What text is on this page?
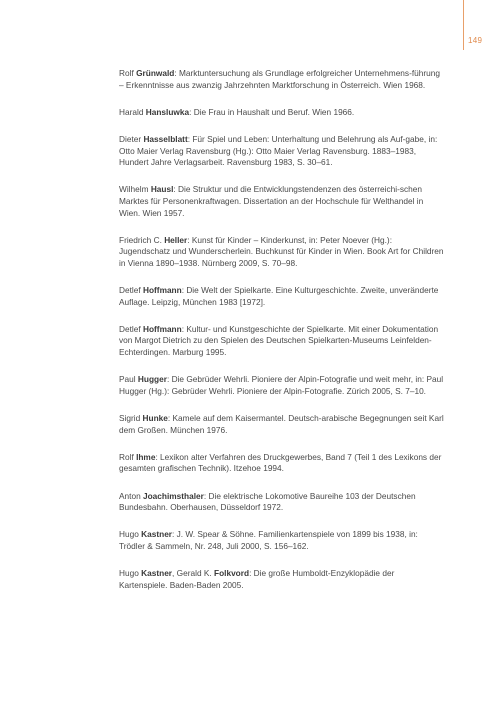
149

Rolf Grünwald: Marktuntersuchung als Grundlage erfolgreicher Unternehmens-führung – Erkenntnisse aus zwanzig Jahrzehnten Marktforschung in Österreich. Wien 1968.

Harald Hansluwka: Die Frau in Haushalt und Beruf. Wien 1966.

Dieter Hasselblatt: Für Spiel und Leben: Unterhaltung und Belehrung als Auf-gabe, in: Otto Maier Verlag Ravensburg (Hg.): Otto Maier Verlag Ravensburg. 1883–1983, Hundert Jahre Verlagsarbeit. Ravensburg 1983, S. 30–61.

Wilhelm Hausl: Die Struktur und die Entwicklungstendenzen des österreichi-schen Marktes für Personenkraftwagen. Dissertation an der Hochschule für Welthandel in Wien. Wien 1957.

Friedrich C. Heller: Kunst für Kinder – Kinderkunst, in: Peter Noever (Hg.): Jugendschatz und Wunderscherlein. Buchkunst für Kinder in Wien. Book Art for Children in Vienna 1890–1938. Nürnberg 2009, S. 70–98.

Detlef Hoffmann: Die Welt der Spielkarte. Eine Kulturgeschichte. Zweite, unveränderte Auflage. Leipzig, München 1983 [1972].

Detlef Hoffmann: Kultur- und Kunstgeschichte der Spielkarte. Mit einer Dokumentation von Margot Dietrich zu den Spielen des Deutschen Spielkarten-Museums Leinfelden-Echterdingen. Marburg 1995.

Paul Hugger: Die Gebrüder Wehrli. Pioniere der Alpin-Fotografie und weit mehr, in: Paul Hugger (Hg.): Gebrüder Wehrli. Pioniere der Alpin-Fotografie. Zürich 2005, S. 7–10.

Sigrid Hunke: Kamele auf dem Kaisermantel. Deutsch-arabische Begegnungen seit Karl dem Großen. München 1976.

Rolf Ihme: Lexikon alter Verfahren des Druckgewerbes, Band 7 (Teil 1 des Lexikons der gesamten grafischen Technik). Itzehoe 1994.

Anton Joachimsthaler: Die elektrische Lokomotive Baureihe 103 der Deutschen Bundesbahn. Oberhausen, Düsseldorf 1972.

Hugo Kastner: J. W. Spear & Söhne. Familienkartenspiele von 1899 bis 1938, in: Trödler & Sammeln, Nr. 248, Juli 2000, S. 156–162.

Hugo Kastner, Gerald K. Folkvord: Die große Humboldt-Enzyklopädie der Kartenspiele. Baden-Baden 2005.
